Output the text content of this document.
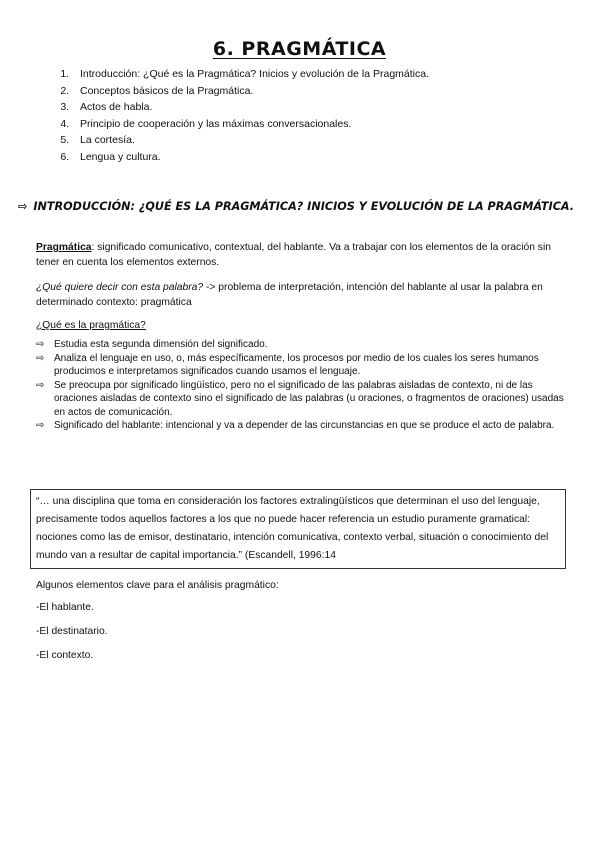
6. PRAGMÁTICA
1. Introducción: ¿Qué es la Pragmática? Inicios y evolución de la Pragmática.
2. Conceptos básicos de la Pragmática.
3. Actos de habla.
4. Principio de cooperación y las máximas conversacionales.
5. La cortesía.
6. Lengua y cultura.
⇨ INTRODUCCIÓN: ¿QUÉ ES LA PRAGMÁTICA? INICIOS Y EVOLUCIÓN DE LA PRAGMÁTICA.
Pragmática: significado comunicativo, contextual, del hablante. Va a trabajar con los elementos de la oración sin tener en cuenta los elementos externos.
¿Qué quiere decir con esta palabra? -> problema de interpretación, intención del hablante al usar la palabra en determinado contexto: pragmática
¿Qué es la pragmática?
⇨ Estudia esta segunda dimensión del significado.
⇨ Analiza el lenguaje en uso, o, más específicamente, los procesos por medio de los cuales los seres humanos producimos e interpretamos significados cuando usamos el lenguaje.
⇨ Se preocupa por significado lingüístico, pero no el significado de las palabras aisladas de contexto, ni de las oraciones aisladas de contexto sino el significado de las palabras (u oraciones, o fragmentos de oraciones) usadas en actos de comunicación.
⇨ Significado del hablante: intencional y va a depender de las circunstancias en que se produce el acto de palabra.
“… una disciplina que toma en consideración los factores extralingüísticos que determinan el uso del lenguaje, precisamente todos aquellos factores a los que no puede hacer referencia un estudio puramente gramatical: nociones como las de emisor, destinatario, intención comunicativa, contexto verbal, situación o conocimiento del mundo van a resultar de capital importancia.” (Escandell, 1996:14
Algunos elementos clave para el análisis pragmático:
-El hablante.
-El destinatario.
-El contexto.
